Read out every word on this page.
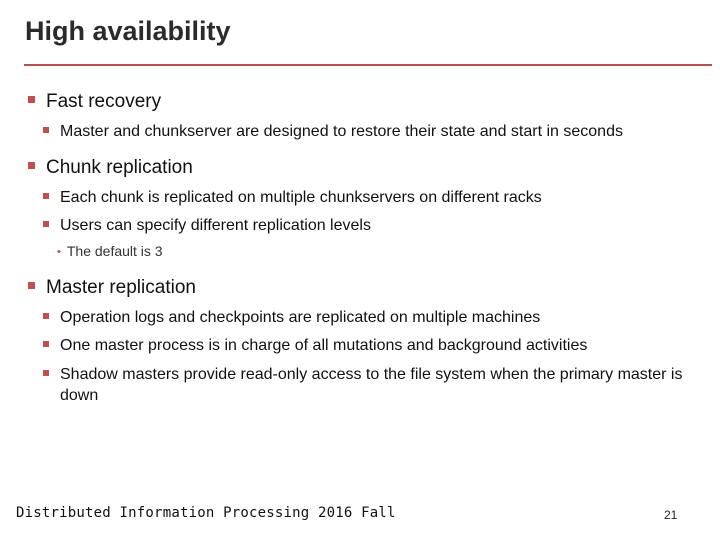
High availability
Fast recovery
Master and chunkserver are designed to restore their state and start in seconds
Chunk replication
Each chunk is replicated on multiple chunkservers on different racks
Users can specify different replication levels
• The default is 3
Master replication
Operation logs and checkpoints are replicated on multiple machines
One master process is in charge of all mutations and background activities
Shadow masters provide read-only access to the file system when the primary master is down
Distributed Information Processing 2016 Fall	21
